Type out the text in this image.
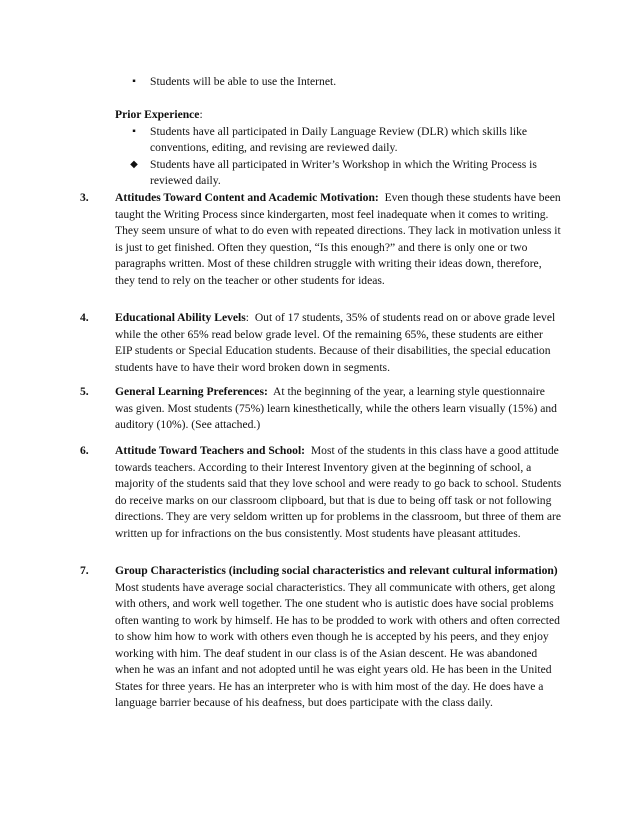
▪	Students will be able to use the Internet.
Prior Experience:
▪	Students have all participated in Daily Language Review (DLR) which skills like conventions, editing, and revising are reviewed daily.
◆ Students have all participated in Writer’s Workshop in which the Writing Process is reviewed daily.
3.	Attitudes Toward Content and Academic Motivation: Even though these students have been taught the Writing Process since kindergarten, most feel inadequate when it comes to writing. They seem unsure of what to do even with repeated directions. They lack in motivation unless it is just to get finished. Often they question, “Is this enough?” and there is only one or two paragraphs written. Most of these children struggle with writing their ideas down, therefore, they tend to rely on the teacher or other students for ideas.
4.	Educational Ability Levels: Out of 17 students, 35% of students read on or above grade level while the other 65% read below grade level. Of the remaining 65%, these students are either EIP students or Special Education students. Because of their disabilities, the special education students have to have their word broken down in segments.
5.	General Learning Preferences: At the beginning of the year, a learning style questionnaire was given. Most students (75%) learn kinesthetically, while the others learn visually (15%) and auditory (10%). (See attached.)
6.	Attitude Toward Teachers and School: Most of the students in this class have a good attitude towards teachers. According to their Interest Inventory given at the beginning of school, a majority of the students said that they love school and were ready to go back to school. Students do receive marks on our classroom clipboard, but that is due to being off task or not following directions. They are very seldom written up for problems in the classroom, but three of them are written up for infractions on the bus consistently. Most students have pleasant attitudes.
7.	Group Characteristics (including social characteristics and relevant cultural information)
Most students have average social characteristics. They all communicate with others, get along with others, and work well together. The one student who is autistic does have social problems often wanting to work by himself. He has to be prodded to work with others and often corrected to show him how to work with others even though he is accepted by his peers, and they enjoy working with him. The deaf student in our class is of the Asian descent. He was abandoned when he was an infant and not adopted until he was eight years old. He has been in the United States for three years. He has an interpreter who is with him most of the day. He does have a language barrier because of his deafness, but does participate with the class daily.
